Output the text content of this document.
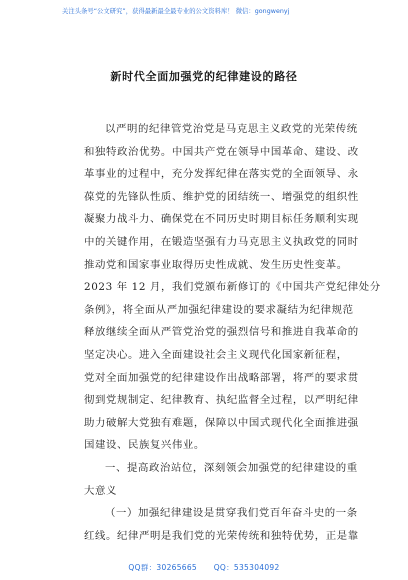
关注头条号“公文研究”，获得最新最全最专业的公文资料库！ 微信：gongwenyj
新时代全面加强党的纪律建设的路径
以严明的纪律管党治党是马克思主义政党的光荣传统
和独特政治优势。中国共产党在领导中国革命、建设、改
革事业的过程中，充分发挥纪律在落实党的全面领导、永
葆党的先锋队性质、维护党的团结统一、增强党的组织性
凝聚力战斗力、确保党在不同历史时期目标任务顺利实现
中的关键作用，在锻造坚强有力马克思主义执政党的同时
推动党和国家事业取得历史性成就、发生历史性变革。
2023 年 12 月，我们党颁布新修订的《中国共产党纪律处分
条例》，将全面从严加强纪律建设的要求凝结为纪律规范
释放继续全面从严管党治党的强烈信号和推进自我革命的
坚定决心。进入全面建设社会主义现代化国家新征程，
党对全面加强党的纪律建设作出战略部署，将严的要求贯
彻到党规制定、纪律教育、执纪监督全过程，以严明纪律
助力破解大党独有难题，保障以中国式现代化全面推进强
国建设、民族复兴伟业。
一、提高政治站位，深刻领会加强党的纪律建设的重
大意义
（一）加强纪律建设是贯穿我们党百年奋斗史的一条
红线。纪律严明是我们党的光荣传统和独特优势，正是靠
QQ群：30265665 QQ：535304092
